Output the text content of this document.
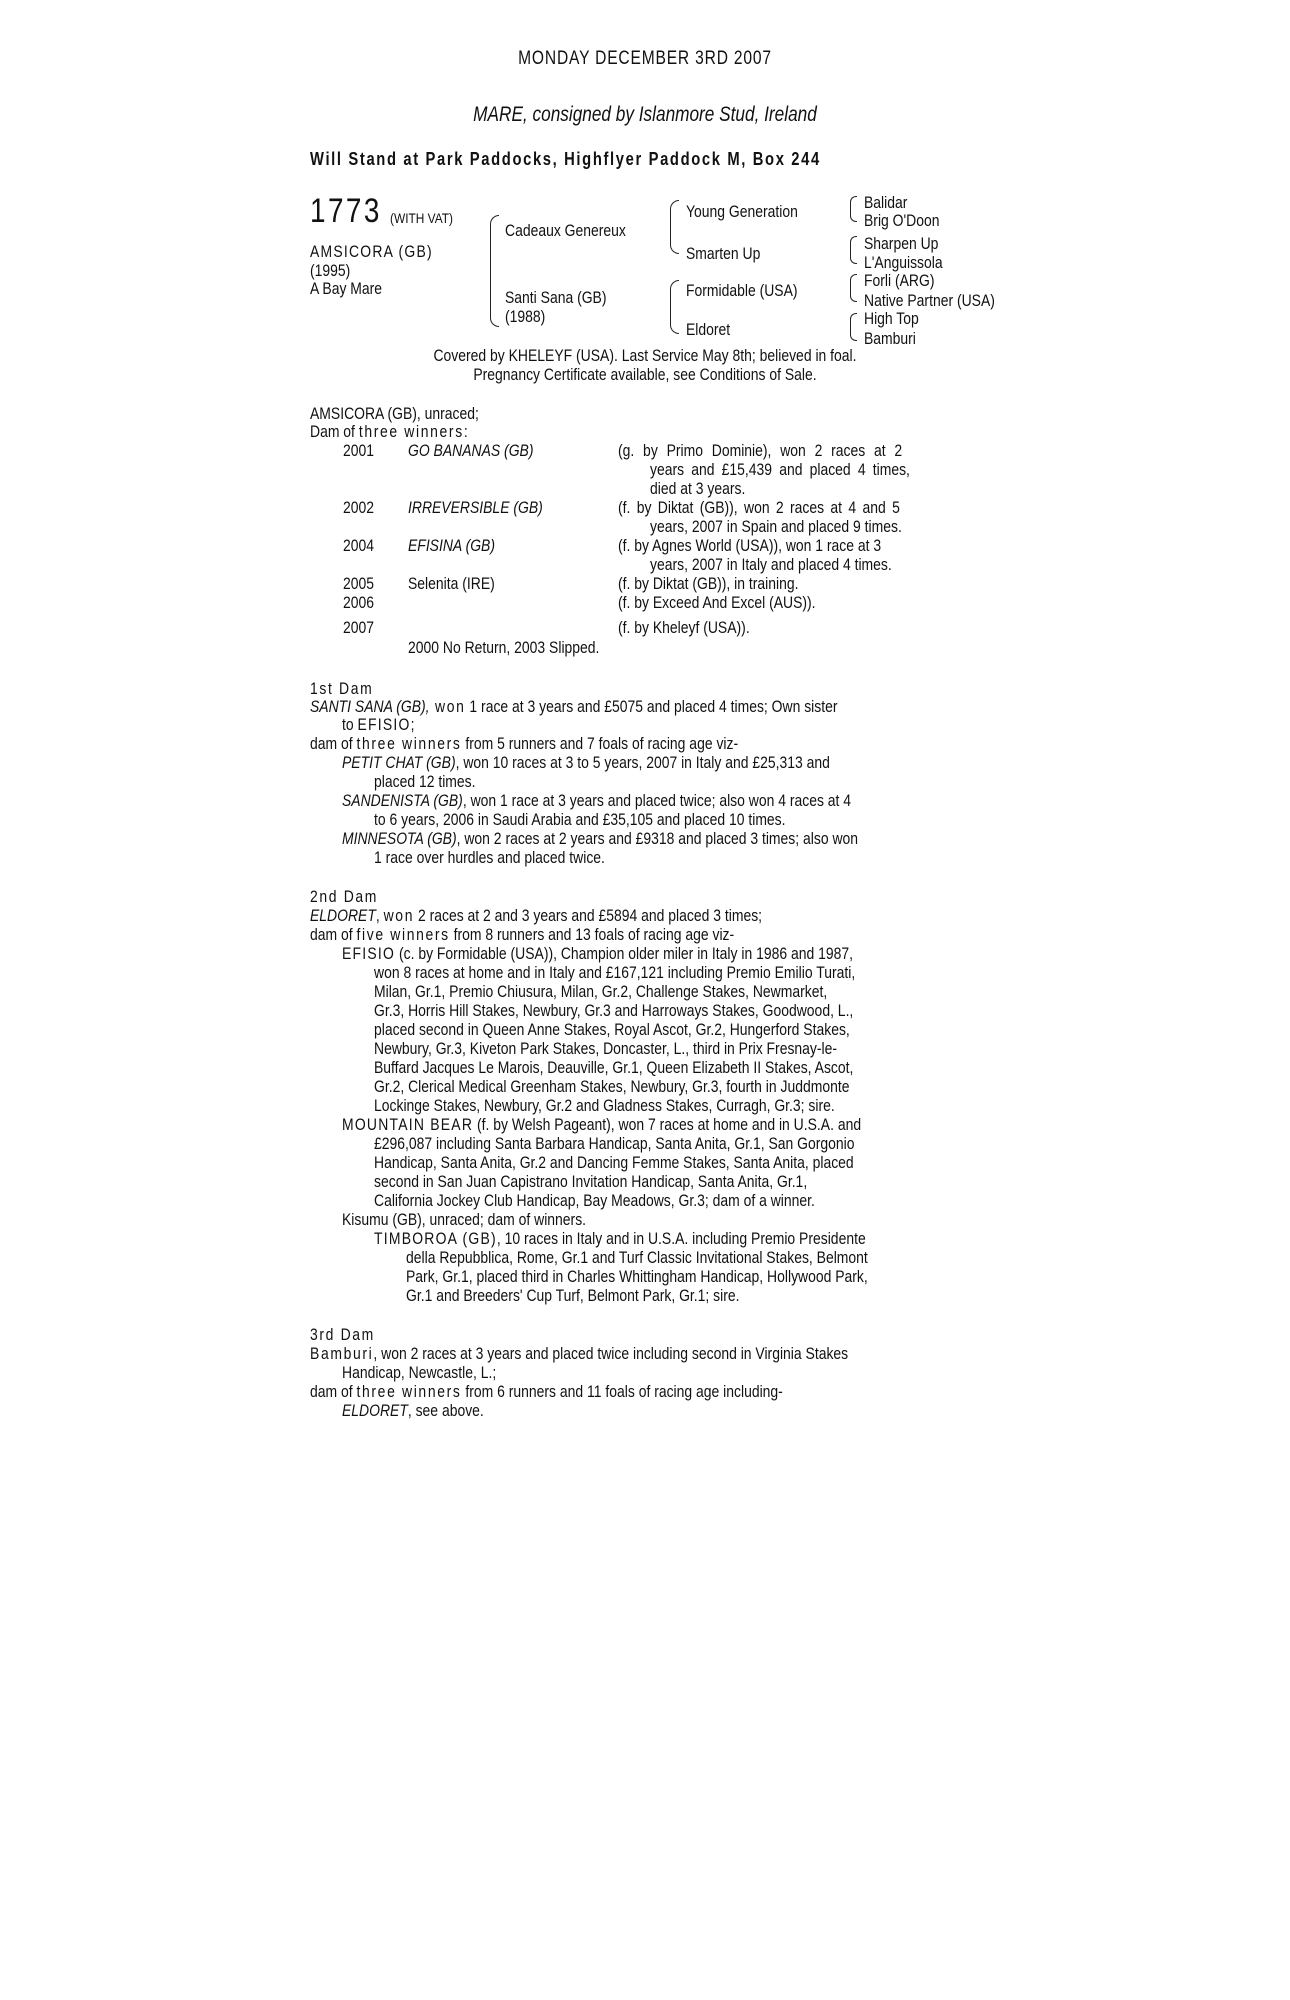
MONDAY DECEMBER 3RD 2007
MARE, consigned by Islanmore Stud, Ireland
Will Stand at Park Paddocks, Highflyer Paddock M, Box 244
1773 (WITH VAT)
AMSICORA (GB)
(1995)
A Bay Mare
Cadeaux Genereux
Santi Sana (GB)
(1988)
Young Generation
Smarten Up
Formidable (USA)
Eldoret
Balidar
Brig O'Doon
Sharpen Up
L'Anguissola
Forli (ARG)
Native Partner (USA)
High Top
Bamburi
Covered by KHELEYF (USA). Last Service May 8th; believed in foal.
Pregnancy Certificate available, see Conditions of Sale.
AMSICORA (GB), unraced;
Dam of three winners:
2001 GO BANANAS (GB)	(g. by Primo Dominie), won 2 races at 2
years and £15,439 and placed 4 times,
died at 3 years.
2002 IRREVERSIBLE (GB)	(f. by Diktat (GB)), won 2 races at 4 and 5
years, 2007 in Spain and placed 9 times.
2004 EFISINA (GB)	(f. by Agnes World (USA)), won 1 race at 3
years, 2007 in Italy and placed 4 times.
2005 Selenita (IRE)	(f. by Diktat (GB)), in training.
2006	(f. by Exceed And Excel (AUS)).
2007	(f. by Kheleyf (USA)).
2000 No Return, 2003 Slipped.
1st Dam
SANTI SANA (GB), won 1 race at 3 years and £5075 and placed 4 times; Own sister
to EFISIO;
dam of three winners from 5 runners and 7 foals of racing age viz-
PETIT CHAT (GB), won 10 races at 3 to 5 years, 2007 in Italy and £25,313 and
placed 12 times.
SANDENISTA (GB), won 1 race at 3 years and placed twice; also won 4 races at 4
to 6 years, 2006 in Saudi Arabia and £35,105 and placed 10 times.
MINNESOTA (GB), won 2 races at 2 years and £9318 and placed 3 times; also won
1 race over hurdles and placed twice.
2nd Dam
ELDORET, won 2 races at 2 and 3 years and £5894 and placed 3 times;
dam of five winners from 8 runners and 13 foals of racing age viz-
EFISIO (c. by Formidable (USA)), Champion older miler in Italy in 1986 and 1987,
won 8 races at home and in Italy and £167,121 including Premio Emilio Turati,
Milan, Gr.1, Premio Chiusura, Milan, Gr.2, Challenge Stakes, Newmarket,
Gr.3, Horris Hill Stakes, Newbury, Gr.3 and Harroways Stakes, Goodwood, L.,
placed second in Queen Anne Stakes, Royal Ascot, Gr.2, Hungerford Stakes,
Newbury, Gr.3, Kiveton Park Stakes, Doncaster, L., third in Prix Fresnay-le-
Buffard Jacques Le Marois, Deauville, Gr.1, Queen Elizabeth II Stakes, Ascot,
Gr.2, Clerical Medical Greenham Stakes, Newbury, Gr.3, fourth in Juddmonte
Lockinge Stakes, Newbury, Gr.2 and Gladness Stakes, Curragh, Gr.3; sire.
MOUNTAIN BEAR (f. by Welsh Pageant), won 7 races at home and in U.S.A. and
£296,087 including Santa Barbara Handicap, Santa Anita, Gr.1, San Gorgonio
Handicap, Santa Anita, Gr.2 and Dancing Femme Stakes, Santa Anita, placed
second in San Juan Capistrano Invitation Handicap, Santa Anita, Gr.1,
California Jockey Club Handicap, Bay Meadows, Gr.3; dam of a winner.
Kisumu (GB), unraced; dam of winners.
TIMBOROA (GB), 10 races in Italy and in U.S.A. including Premio Presidente
della Repubblica, Rome, Gr.1 and Turf Classic Invitational Stakes, Belmont
Park, Gr.1, placed third in Charles Whittingham Handicap, Hollywood Park,
Gr.1 and Breeders' Cup Turf, Belmont Park, Gr.1; sire.
3rd Dam
Bamburi, won 2 races at 3 years and placed twice including second in Virginia Stakes
Handicap, Newcastle, L.;
dam of three winners from 6 runners and 11 foals of racing age including-
ELDORET, see above.
